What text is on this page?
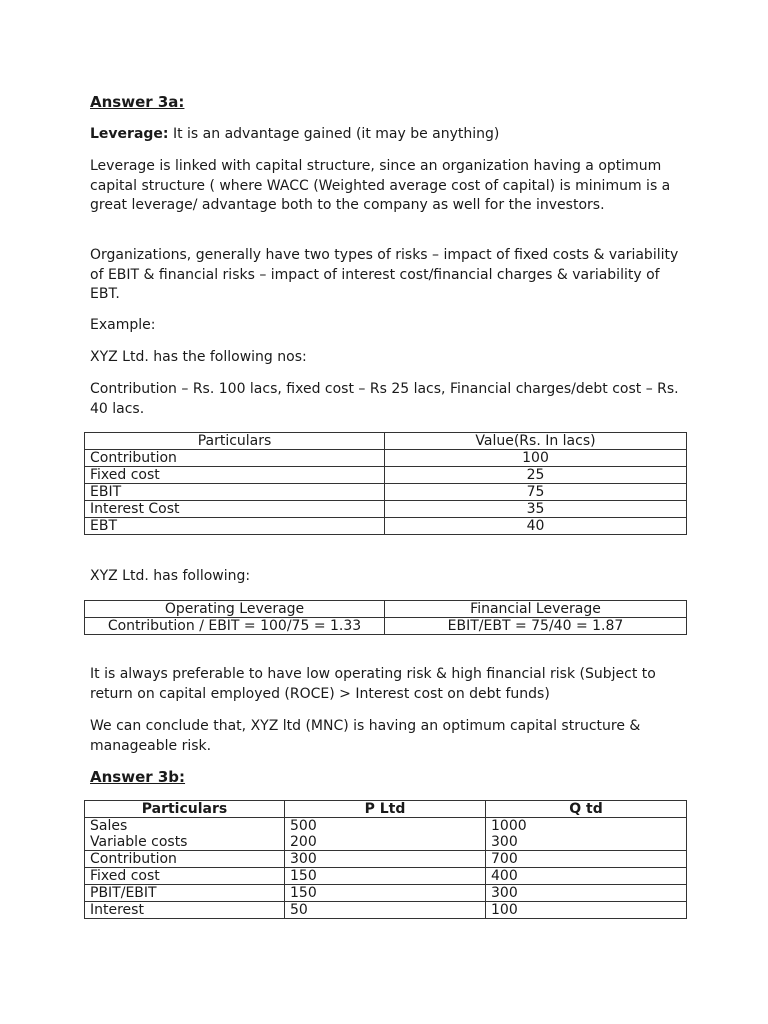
Answer 3a:

Leverage: It is an advantage gained (it may be anything)

Leverage is linked with capital structure, since an organization having a optimum capital structure ( where WACC (Weighted average cost of capital) is minimum is a great leverage/ advantage both to the company as well for the investors.

Organizations, generally have two types of risks – impact of fixed costs & variability of EBIT & financial risks – impact of interest cost/financial charges & variability of EBT.

Example:

XYZ Ltd. has the following nos:

Contribution – Rs. 100 lacs, fixed cost – Rs 25 lacs, Financial charges/debt cost – Rs. 40 lacs.

Particulars	Value(Rs. In lacs)
Contribution	100
Fixed cost	25
EBIT	75
Interest Cost	35
EBT	40

XYZ Ltd. has following:

Operating Leverage	Financial Leverage
Contribution / EBIT = 100/75 = 1.33	EBIT/EBT = 75/40 = 1.87

It is always preferable to have low operating risk & high financial risk (Subject to return on capital employed (ROCE) > Interest cost on debt funds)

We can conclude that, XYZ ltd (MNC) is having an optimum capital structure & manageable risk.

Answer 3b:
Particulars	P Ltd	Q td
Sales	500	1000
Variable costs	200	300
Contribution	300	700
Fixed cost	150	400
PBIT/EBIT	150	300
Interest	50	100
